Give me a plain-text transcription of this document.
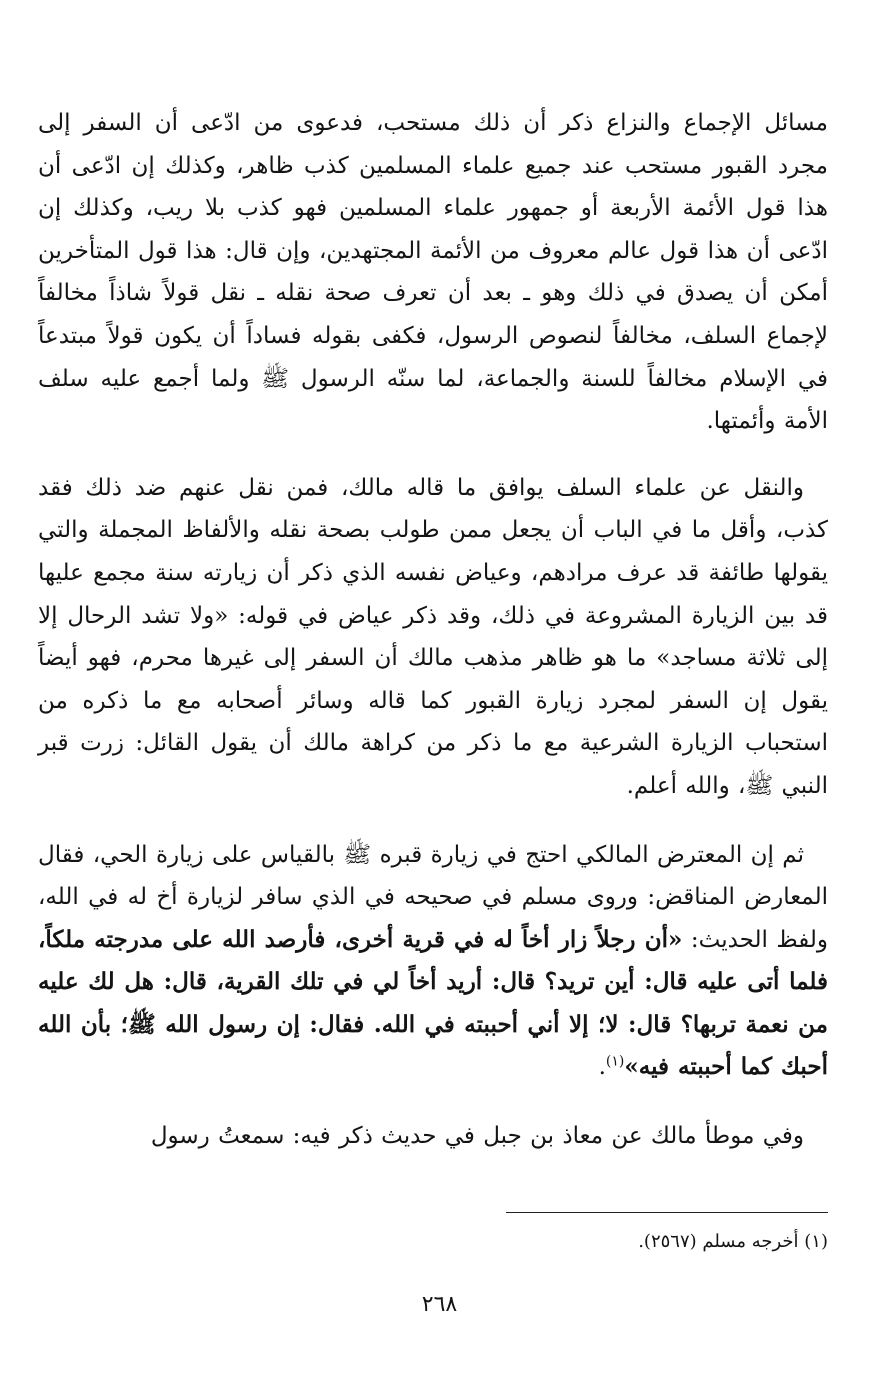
مسائل الإجماع والنزاع ذكر أن ذلك مستحب، فدعوى من ادّعى أن السفر إلى مجرد القبور مستحب عند جميع علماء المسلمين كذب ظاهر، وكذلك إن ادّعى أن هذا قول الأئمة الأربعة أو جمهور علماء المسلمين فهو كذب بلا ريب، وكذلك إن ادّعى أن هذا قول عالم معروف من الأئمة المجتهدين، وإن قال: هذا قول المتأخرين أمكن أن يصدق في ذلك وهو ـ بعد أن تعرف صحة نقله ـ نقل قولاً شاذاً مخالفاً لإجماع السلف، مخالفاً لنصوص الرسول، فكفى بقوله فساداً أن يكون قولاً مبتدعاً في الإسلام مخالفاً للسنة والجماعة، لما سنّه الرسول ﷺ ولما أجمع عليه سلف الأمة وأئمتها.

والنقل عن علماء السلف يوافق ما قاله مالك، فمن نقل عنهم ضد ذلك فقد كذب، وأقل ما في الباب أن يجعل ممن طولب بصحة نقله والألفاظ المجملة والتي يقولها طائفة قد عرف مرادهم، وعياض نفسه الذي ذكر أن زيارته سنة مجمع عليها قد بين الزيارة المشروعة في ذلك، وقد ذكر عياض في قوله: «ولا تشد الرحال إلا إلى ثلاثة مساجد» ما هو ظاهر مذهب مالك أن السفر إلى غيرها محرم، فهو أيضاً يقول إن السفر لمجرد زيارة القبور كما قاله وسائر أصحابه مع ما ذكره من استحباب الزيارة الشرعية مع ما ذكر من كراهة مالك أن يقول القائل: زرت قبر النبي ﷺ، والله أعلم.

ثم إن المعترض المالكي احتج في زيارة قبره ﷺ بالقياس على زيارة الحي، فقال المعارض المناقض: وروى مسلم في صحيحه في الذي سافر لزيارة أخ له في الله، ولفظ الحديث: «أن رجلاً زار أخاً له في قرية أخرى، فأرصد الله على مدرجته ملكاً، فلما أتى عليه قال: أين تريد؟ قال: أريد أخاً لي في تلك القرية، قال: هل لك عليه من نعمة تربها؟ قال: لا؛ إلا أني أحببته في الله. فقال: إن رسول الله ﷺ؛ بأن الله أحبك كما أحببته فيه»$^{(١)}$.

وفي موطأ مالك عن معاذ بن جبل في حديث ذكر فيه: سمعتُ رسول

(١) أخرجه مسلم (٢٥٦٧).
٢٦٨
